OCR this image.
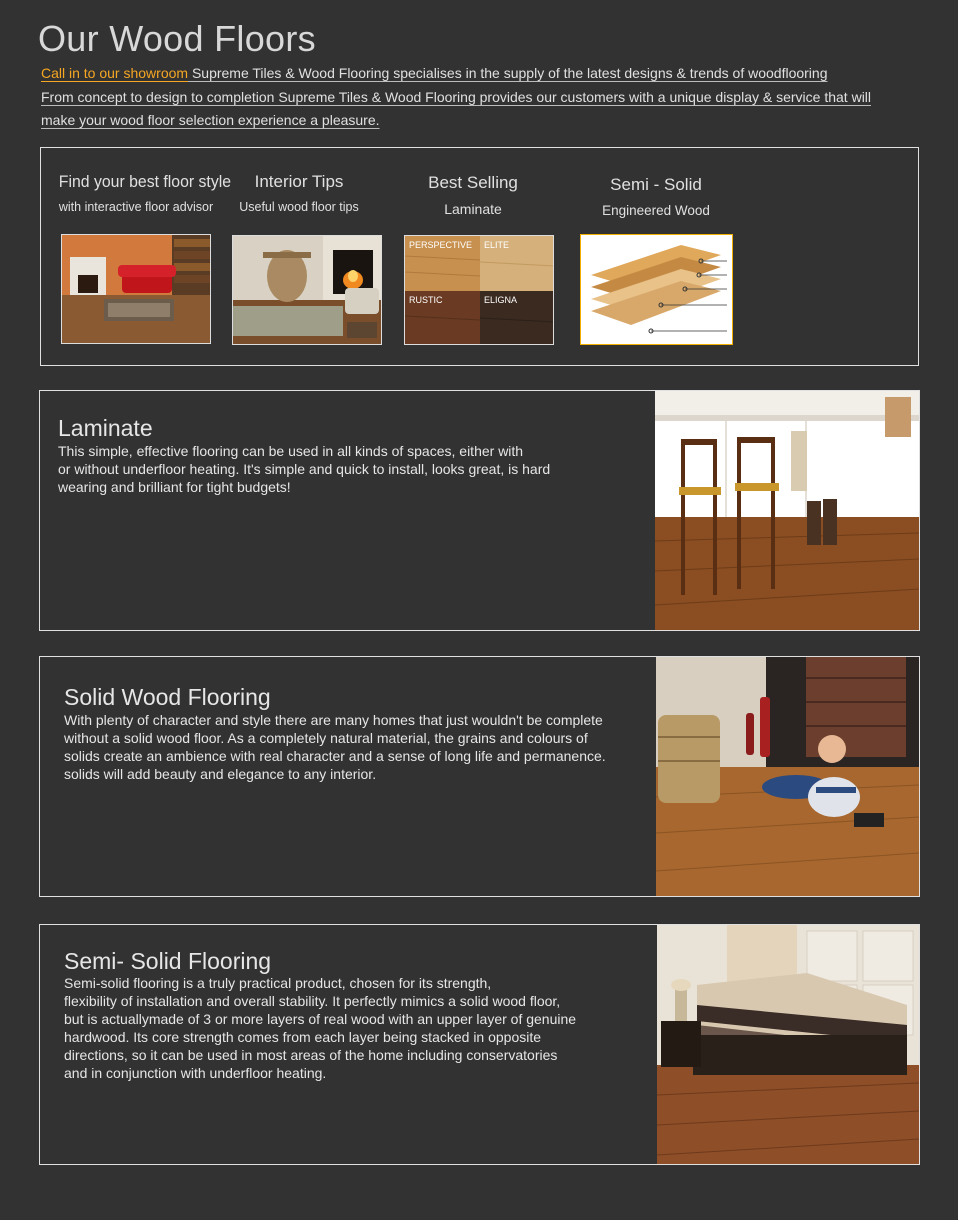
Our Wood Floors
Call in to our showroom Supreme Tiles & Wood Flooring specialises in the supply of the latest designs & trends of woodflooring
From concept to design to completion Supreme Tiles & Wood Flooring provides our customers with a unique display & service that will
make your wood floor selection experience a pleasure.
Find your best floor style
with interactive floor advisor
Interior Tips
Useful wood floor tips
Best Selling
Laminate
PERSPECTIVE ELITE
RUSTIC	ELIGNA
Semi - Solid
Engineered Wood
Laminate

This simple, effective flooring can be used in all kinds of spaces, either with
or without underfloor heating. It's simple and quick to install, looks great, is hard
wearing and brilliant for tight budgets!

Solid Wood Flooring

With plenty of character and style there are many homes that just wouldn't be complete
without a solid wood floor. As a completely natural material, the grains and colours of
solids create an ambience with real character and a sense of long life and permanence.
solids will add beauty and elegance to any interior.

Semi- Solid Flooring

Semi-solid flooring is a truly practical product, chosen for its strength,
flexibility of installation and overall stability. It perfectly mimics a solid wood floor,
but is actuallymade of 3 or more layers of real wood with an upper layer of genuine
hardwood. Its core strength comes from each layer being stacked in opposite
directions, so it can be used in most areas of the home including conservatories
and in conjunction with underfloor heating.
